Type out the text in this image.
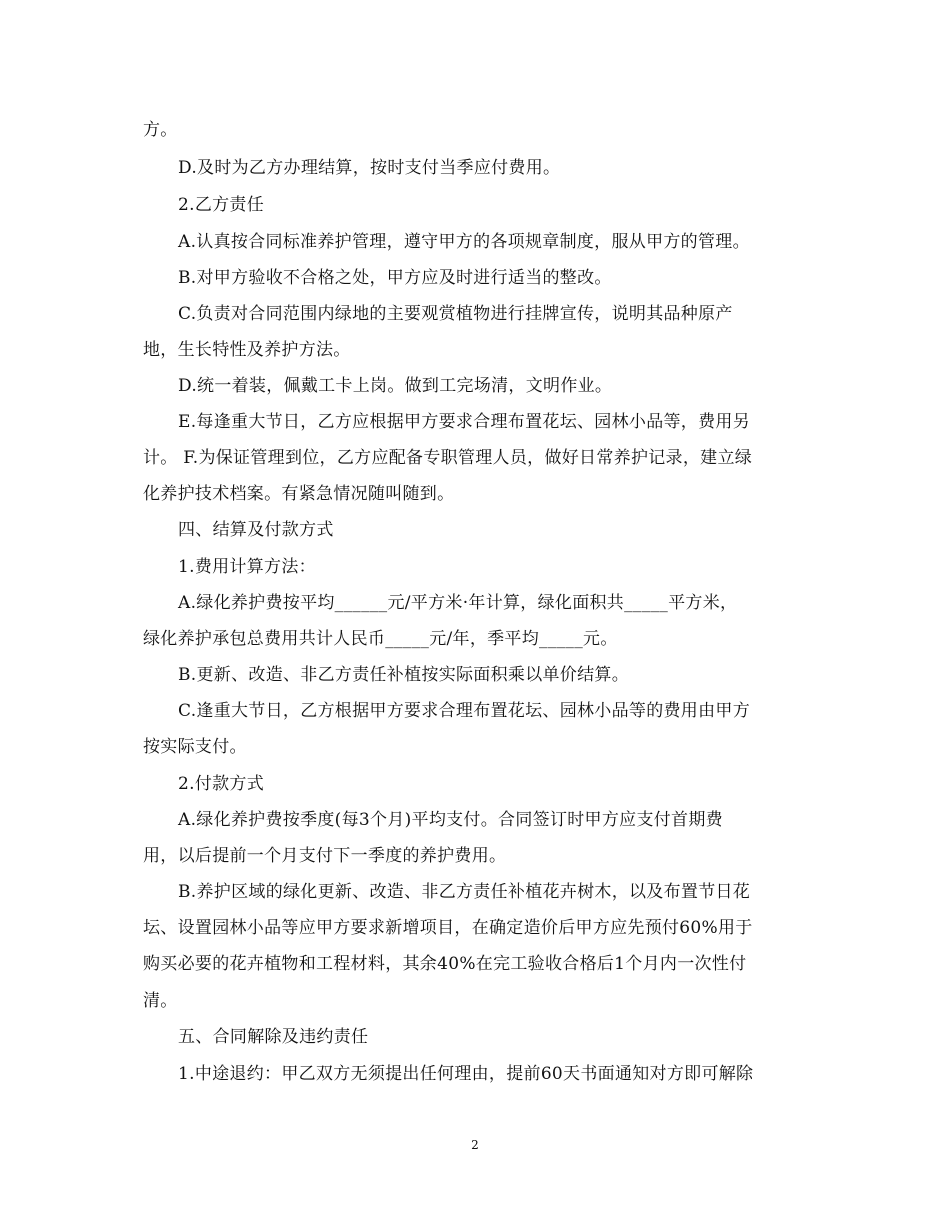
方。
D.及时为乙方办理结算，按时支付当季应付费用。
2.乙方责任
A.认真按合同标准养护管理，遵守甲方的各项规章制度，服从甲方的管理。
B.对甲方验收不合格之处，甲方应及时进行适当的整改。
C.负责对合同范围内绿地的主要观赏植物进行挂牌宣传，说明其品种原产
地，生长特性及养护方法。
D.统一着装，佩戴工卡上岗。做到工完场清，文明作业。
E.每逢重大节日，乙方应根据甲方要求合理布置花坛、园林小品等，费用另
计。 F.为保证管理到位，乙方应配备专职管理人员，做好日常养护记录，建立绿
化养护技术档案。有紧急情况随叫随到。
四、结算及付款方式
1.费用计算方法：
A.绿化养护费按平均______元/平方米·年计算，绿化面积共_____平方米，
绿化养护承包总费用共计人民币_____元/年，季平均_____元。
B.更新、改造、非乙方责任补植按实际面积乘以单价结算。
C.逢重大节日，乙方根据甲方要求合理布置花坛、园林小品等的费用由甲方
按实际支付。
2.付款方式
A.绿化养护费按季度(每3个月)平均支付。合同签订时甲方应支付首期费
用，以后提前一个月支付下一季度的养护费用。
B.养护区域的绿化更新、改造、非乙方责任补植花卉树木，以及布置节日花
坛、设置园林小品等应甲方要求新增项目，在确定造价后甲方应先预付60%用于
购买必要的花卉植物和工程材料，其余40%在完工验收合格后1个月内一次性付
清。
五、合同解除及违约责任
1.中途退约：甲乙双方无须提出任何理由，提前60天书面通知对方即可解除
2
